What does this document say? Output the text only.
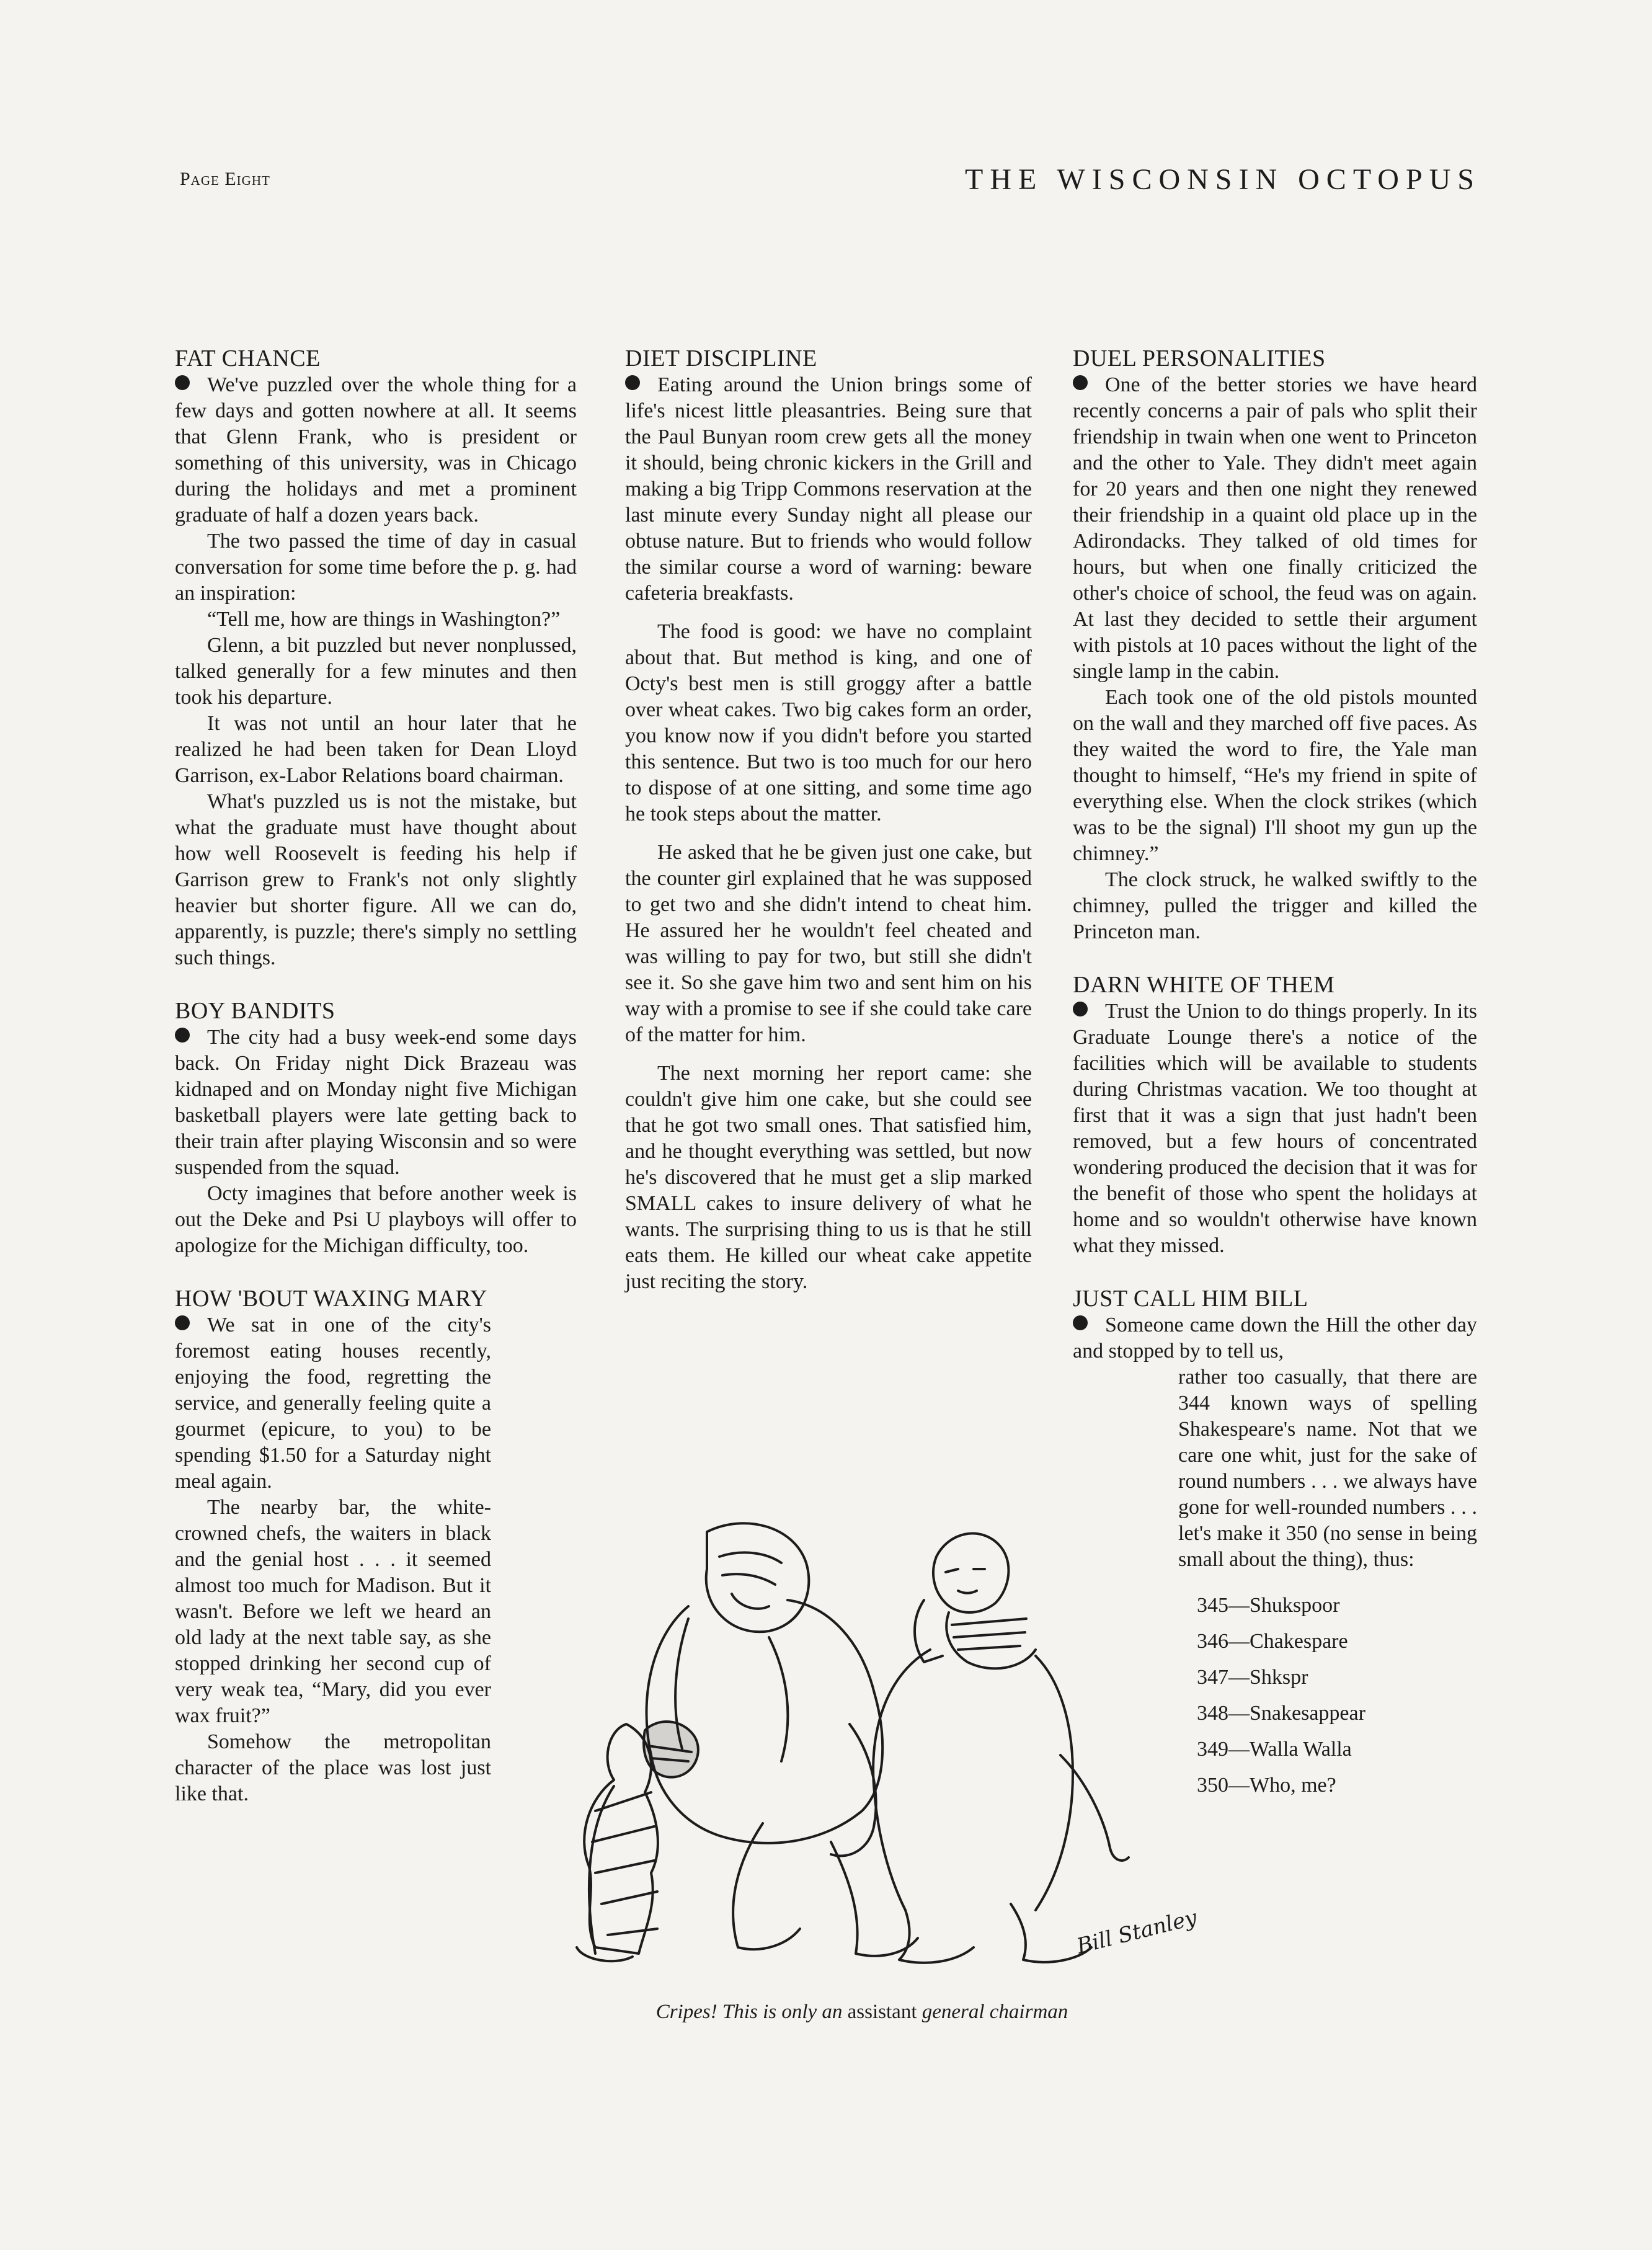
Page Eight	THE WISCONSIN OCTOPUS
FAT CHANCE

We've puzzled over the whole thing for a few days and gotten nowhere at all. It seems that Glenn Frank, who is president or something of this university, was in Chicago during the holidays and met a prominent graduate of half a dozen years back.

The two passed the time of day in casual conversation for some time before the p. g. had an inspiration:

“Tell me, how are things in Washington?”

Glenn, a bit puzzled but never nonplussed, talked generally for a few minutes and then took his departure.

It was not until an hour later that he realized he had been taken for Dean Lloyd Garrison, ex-Labor Relations board chairman.

What's puzzled us is not the mistake, but what the graduate must have thought about how well Roosevelt is feeding his help if Garrison grew to Frank's not only slightly heavier but shorter figure. All we can do, apparently, is puzzle; there's simply no settling such things.

BOY BANDITS

The city had a busy week-end some days back. On Friday night Dick Brazeau was kidnaped and on Monday night five Michigan basketball players were late getting back to their train after playing Wisconsin and so were suspended from the squad.

Octy imagines that before another week is out the Deke and Psi U playboys will offer to apologize for the Michigan difficulty, too.

HOW 'BOUT WAXING MARY

We sat in one of the city's foremost eating houses recently, enjoying the food, regretting the service, and generally feeling quite a gourmet (epicure, to you) to be spending $1.50 for a Saturday night meal again.

The nearby bar, the white-crowned chefs, the waiters in black and the genial host . . . it seemed almost too much for Madison. But it wasn't. Before we left we heard an old lady at the next table say, as she stopped drinking her second cup of very weak tea, “Mary, did you ever wax fruit?”

Somehow the metropolitan character of the place was lost just like that.

DIET DISCIPLINE

Eating around the Union brings some of life's nicest little pleasantries. Being sure that the Paul Bunyan room crew gets all the money it should, being chronic kickers in the Grill and making a big Tripp Commons reservation at the last minute every Sunday night all please our obtuse nature. But to friends who would follow the similar course a word of warning: beware cafeteria breakfasts.

The food is good: we have no complaint about that. But method is king, and one of Octy's best men is still groggy after a battle over wheat cakes. Two big cakes form an order, you know now if you didn't before you started this sentence. But two is too much for our hero to dispose of at one sitting, and some time ago he took steps about the matter.

He asked that he be given just one cake, but the counter girl explained that he was supposed to get two and she didn't intend to cheat him. He assured her he wouldn't feel cheated and was willing to pay for two, but still she didn't see it. So she gave him two and sent him on his way with a promise to see if she could take care of the matter for him.

The next morning her report came: she couldn't give him one cake, but she could see that he got two small ones. That satisfied him, and he thought everything was settled, but now he's discovered that he must get a slip marked SMALL cakes to insure delivery of what he wants. The surprising thing to us is that he still eats them. He killed our wheat cake appetite just reciting the story.

DUEL PERSONALITIES

One of the better stories we have heard recently concerns a pair of pals who split their friendship in twain when one went to Princeton and the other to Yale. They didn't meet again for 20 years and then one night they renewed their friendship in a quaint old place up in the Adirondacks. They talked of old times for hours, but when one finally criticized the other's choice of school, the feud was on again. At last they decided to settle their argument with pistols at 10 paces without the light of the single lamp in the cabin.

Each took one of the old pistols mounted on the wall and they marched off five paces. As they waited the word to fire, the Yale man thought to himself, “He's my friend in spite of everything else. When the clock strikes (which was to be the signal) I'll shoot my gun up the chimney.”

The clock struck, he walked swiftly to the chimney, pulled the trigger and killed the Princeton man.

DARN WHITE OF THEM

Trust the Union to do things properly. In its Graduate Lounge there's a notice of the facilities which will be available to students during Christmas vacation. We too thought at first that it was a sign that just hadn't been removed, but a few hours of concentrated wondering produced the decision that it was for the benefit of those who spent the holidays at home and so wouldn't otherwise have known what they missed.

JUST CALL HIM BILL

Someone came down the Hill the other day and stopped by to tell us,

rather too casually, that there are 344 known ways of spelling Shakespeare's name. Not that we care one whit, just for the sake of round numbers . . . we always have gone for well-rounded numbers . . . let's make it 350 (no sense in being small about the thing), thus:

345—Shukspoor
346—Chakespare
347—Shkspr
348—Snakesappear
349—Walla Walla
350—Who, me?
Bill Stanley
Cripes! This is only an assistant general chairman
